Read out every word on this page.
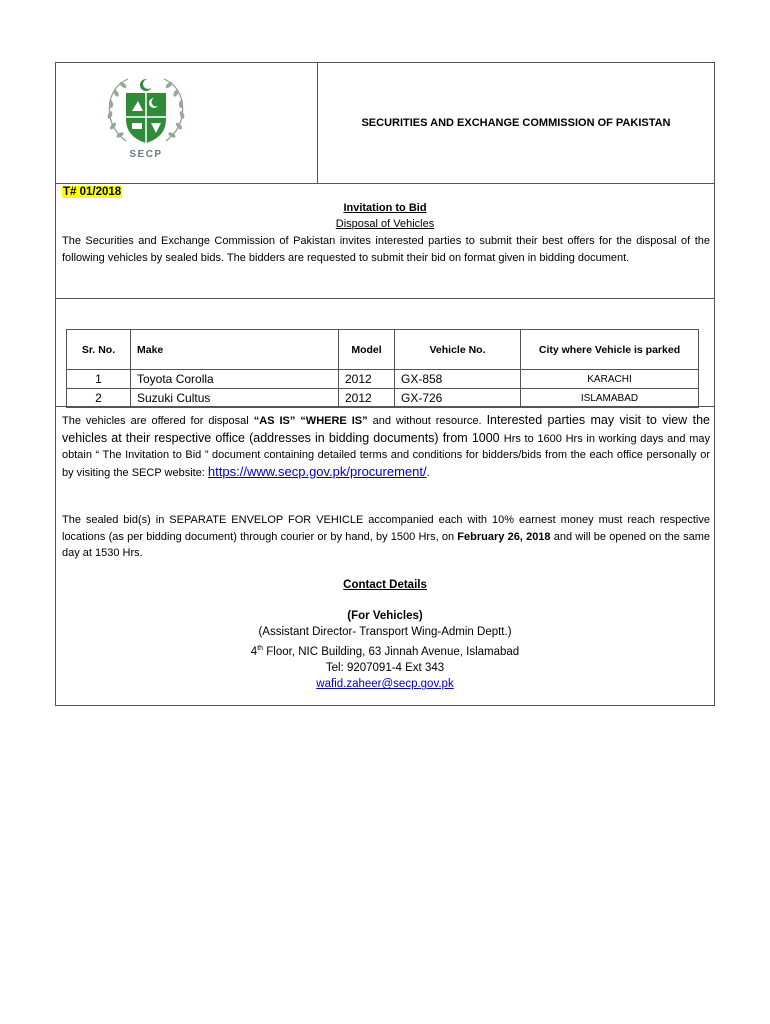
SECP
SECURITIES AND EXCHANGE COMMISSION OF PAKISTAN
T# 01/2018
Invitation to Bid
Disposal of Vehicles
The Securities and Exchange Commission of Pakistan invites interested parties to submit their best offers for the disposal of the following vehicles by sealed bids. The bidders are requested to submit their bid on format given in bidding document.
Sr. No.	Make	Model	Vehicle No.	City where Vehicle is parked
1	Toyota Corolla	2012	GX-858	KARACHI
2	Suzuki Cultus	2012	GX-726	ISLAMABAD
The vehicles are offered for disposal “AS IS” “WHERE IS” and without resource. Interested parties may visit to view the vehicles at their respective office (addresses in bidding documents) from 1000 Hrs to 1600 Hrs in working days and may obtain “ The Invitation to Bid ” document containing detailed terms and conditions for bidders/bids from the each office personally or by visiting the SECP website: https://www.secp.gov.pk/procurement/.
The sealed bid(s) in SEPARATE ENVELOP FOR VEHICLE accompanied each with 10% earnest money must reach respective locations (as per bidding document) through courier or by hand, by 1500 Hrs, on February 26, 2018 and will be opened on the same day at 1530 Hrs.
Contact Details
(For Vehicles)
(Assistant Director- Transport Wing-Admin Deptt.)
4th Floor, NIC Building, 63 Jinnah Avenue, Islamabad
Tel: 9207091-4 Ext 343
wafid.zaheer@secp.gov.pk
